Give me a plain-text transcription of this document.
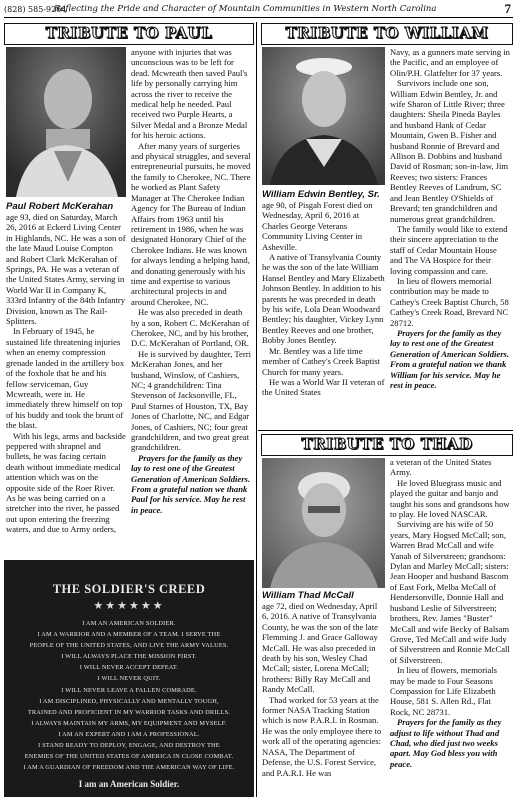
(828) 585-9264
Reflecting the Pride and Character of Mountain Communities in Western North Carolina	7
TRIBUTE TO PAUL
Paul Robert McKerahan

age 93, died on Saturday, March 26, 2016 at Eckerd Living Center in Highlands, NC. He was a son of the late Maud Louise Compton and Robert Clark McKerahan of Springs, PA. He was a veteran of the United States Army, serving in World War II in Company K, 333rd Infantry of the 84th Infantry Division, known as The Rail-Splitters.

In February of 1945, he sustained life threatening injuries when an enemy compression grenade landed in the artillery box of the foxhole that he and his fellow serviceman, Guy Mcwreath, were in. He immediately threw himself on top of his buddy and took the brunt of the blast.

With his legs, arms and backside peppered with shrapnel and bullets, he was facing certain death without immediate medical attention which was on the opposite side of the Roer River. As he was being carried on a stretcher into the river, he passed out upon entering the freezing waters, and due to Army orders,

anyone with injuries that was unconscious was to be left for dead. Mcwreath then saved Paul's life by personally carrying him across the river to receive the medical help he needed. Paul received two Purple Hearts, a Silver Medal and a Bronze Medal for his heroic actions.

After many years of surgeries and physical struggles, and several entrepreneurial pursuits, he moved the family to Cherokee, NC. There he worked as Plant Safety Manager at The Cherokee Indian Agency for The Bureau of Indian Affairs from 1963 until his retirement in 1986, when he was designated Honorary Chief of the Cherokee Indians. He was known for always lending a helping hand, and donating generously with his time and expertise to various architectural projects in and around Cherokee, NC.

He was also preceded in death by a son, Robert C. McKerahan of Cherokee, NC, and by his brother, D.C. McKerahan of Portland, OR.

He is survived by daughter, Terri McKerahan Jones, and her husband, Winslow, of Cashiers, NC; 4 grandchildren: Tina Stevenson of Jacksonville, FL, Paul Starnes of Houston, TX, Bay Jones of Charlotte, NC, and Edgar Jones, of Cashiers, NC; four great grandchildren, and two great great grandchildren.

Prayers for the family as they lay to rest one of the Greatest Generation of American Soldiers. From a grateful nation we thank Paul for his service. May he rest in peace.

THE SOLDIER'S CREED
★★★★★★
I AM AN AMERICAN SOLDIER.
I AM A WARRIOR AND A MEMBER OF A TEAM. I SERVE THE
PEOPLE OF THE UNITED STATES, AND LIVE THE ARMY VALUES.
I WILL ALWAYS PLACE THE MISSION FIRST.
I WILL NEVER ACCEPT DEFEAT.
I WILL NEVER QUIT.
I WILL NEVER LEAVE A FALLEN COMRADE.
I AM DISCIPLINED, PHYSICALLY AND MENTALLY TOUGH,
TRAINED AND PROFICIENT IN MY WARRIOR TASKS AND DRILLS.
I ALWAYS MAINTAIN MY ARMS, MY EQUIPMENT AND MYSELF.
I AM AN EXPERT AND I AM A PROFESSIONAL.
I STAND READY TO DEPLOY, ENGAGE, AND DESTROY THE
ENEMIES OF THE UNITED STATES OF AMERICA IN CLOSE COMBAT.
I AM A GUARDIAN OF FREEDOM AND THE AMERICAN WAY OF LIFE.
I am an American Soldier.
TRIBUTE TO WILLIAM
William Edwin Bentley, Sr.

age 90, of Pisgah Forest died on Wednesday, April 6, 2016 at Charles George Veterans Community Living Center in Asheville.

A native of Transylvania County he was the son of the late William Hansel Bentley and Mary Elizabeth Johnson Bentley. In addition to his parents he was preceded in death by his wife, Lola Dean Woodward Bentley; his daughter, Vickey Lynn Bentley Reeves and one brother, Bobby Jones Bentley.

Mr. Bentley was a life time member of Cathey's Creek Baptist Church for many years.

He was a World War II veteran of the United States

Navy, as a gunners mate serving in the Pacific, and an employee of Olin/P.H. Glatfelter for 37 years.

Survivors include one son, William Edwin Bentley, Jr. and wife Sharon of Little River; three daughters: Sheila Pineda Bayles and husband Hank of Cedar Mountain, Gwen B. Fisher and husband Ronnie of Brevard and Allison B. Dobbins and husband David of Rosman; son-in-law, Jim Reeves; two sisters: Frances Bentley Reeves of Landrum, SC and Jean Bentley O'Shields of Brevard; ten grandchildren and numerous great grandchildren.

The family would like to extend their sincere appreciation to the staff of Cedar Mountain House and The VA Hospice for their loving compassion and care.

In lieu of flowers memorial contribution may be made to Cathey's Creek Baptist Church, 58 Cathey's Creek Road, Brevard NC 28712.

Prayers for the family as they lay to rest one of the Greatest Generation of American Soldiers. From a grateful nation we thank William for his service. May he rest in peace.

TRIBUTE TO THAD
William Thad McCall

age 72, died on Wednesday, April 6, 2016. A native of Transylvania County, he was the son of the late Flemming J. and Grace Galloway McCall. He was also preceded in death by his son, Wesley Chad McCall; sister, Lorena McCall; brothers: Billy Ray McCall and Randy McCall.

Thad worked for 53 years at the former NASA Tracking Station which is now P.A.R.I. in Rosman. He was the only employee there to work all of the operating agencies: NASA, The Department of Defense, the U.S. Forest Service, and P.A.R.I. He was

a veteran of the United States Army.

He loved Bluegrass music and played the guitar and banjo and taught his sons and grandsons how to play. He loved NASCAR.

Surviving are his wife of 50 years, Mary Hogsed McCall; son, Warren Brad McCall and wife Yanah of Silverstreen; grandsons: Dylan and Marley McCall; sisters: Jean Hooper and husband Bascom of East Fork, Melba McCall of Hendersonville, Donnie Hall and husband Leslie of Silverstreen; brothers, Rev. James "Buster" McCall and wife Becky of Balsam Grove, Ted McCall and wife Judy of Silverstreen and Ronnie McCall of Silverstreen.

In lieu of flowers, memorials may be made to Four Seasons Compassion for Life Elizabeth House, 581 S. Allen Rd., Flat Rock, NC 28731.

Prayers for the family as they adjust to life without Thad and Chad, who died just two weeks apart. May God bless you with peace.
